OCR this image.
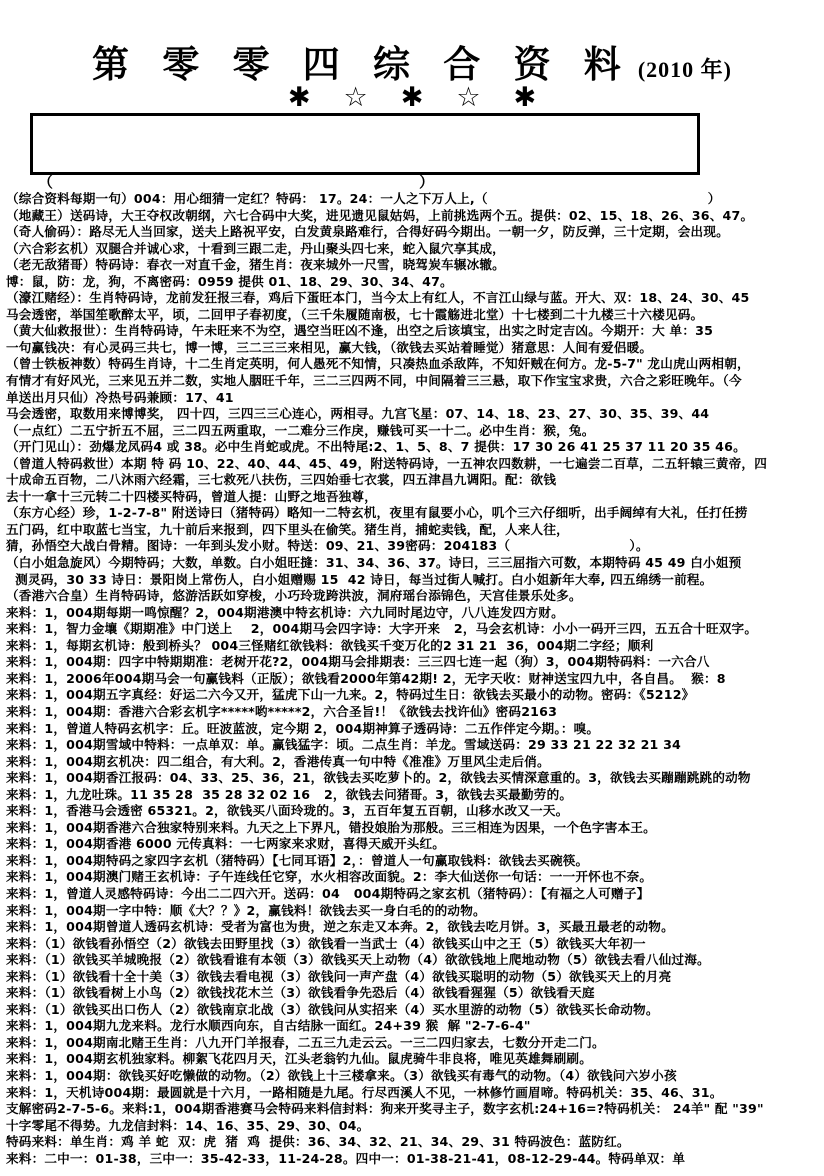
第 零 零 四 综 合 资 料 (2010 年)
✱☆✱☆✱
（	）

（综合资料每期一句）004：用心细猜一定红？特码： 17。24：一人之下万人上,（                                                ）

（地藏王）送码诗，大王夺权改朝纲，六七合码中大奖，进见遗见鼠姑妈，上前挑选两个五。提供：02、15、18、26、36、47。

（奇人偷码）：路尽无人当回家，送夫上路祝平安，白发黄泉路难行，合得好码今期出。一朝一夕，防反弹，三十定期，会出现。

（六合彩玄机）双腿合并诚心求，十看到三跟二走，丹山聚头四七来，蛇入鼠穴享其成，

（老无敌猪哥）特码诗：春衣一对直千金，猪生肖：夜来城外一尺雪，晓驾炭车辗冰辙。

博：鼠，防：龙，狗，不离密码：0959 提供 01、18、29、30、34、47。

（濠江赌经）：生肖特码诗，龙前发狂报三春，鸡后下蛋旺本门，当今太上有红人，不言江山绿与蓝。开大、双：18、24、30、45

马会透密，举国笙歌醉太平，顷，二回甲子春初度，（三千朱履随南极，七十霞觞进北堂）十七楼到二十九楼三十六楼见码。

（黄大仙救报世）：生肖特码诗，午未旺来不为空，遇空当旺凶不逢，出空之后该填宝，出实之时定吉凶。今期开：大 单：35

一句赢钱决：有心灵码三共七，博一博，三二三三来相见，赢大钱，（欲钱去买站着睡觉）猪意思：人间有爱侣暖。

（曾士铁板神数）特码生肖诗，十二生肖定英明，何人愚死不知情，只凑热血杀敌阵，不知奸贼在何方。龙-5-7" 龙山虎山两相朝，

有情才有好风光，三来见五并二数，实地人胭旺千年，三二三四两不同，中间隔着三三悬，取下作宝宝求贵，六合之彩旺晚年。（今

单送出月只仙）冷热号码兼顾：17、41

马会透密，取数用来博博奖， 四十四，三四三三心连心，两相寻。九宫飞星：07、14、18、23、27、30、35、39、44

（一点红）二五宁折五不屈，三二四五两重取，一二难分三作戾，赚钱可买一十二。必中生肖：猴，兔。

（开门见山）：劲爆龙凤码4 或 38。必中生肖蛇或虎。不出特尾:2、1、5、8、7 提供：17 30 26 41 25 37 11 20 35 46。

（曾道人特码救世）本期 特 码 10、22、40、44、45、49，附送特码诗，一五神农四数耕，一七遍尝二百草，二五轩辕三黄帝，四

十成命五百物，二八沐雨六经霜，三七救死八扶伤，三四始垂七衣裳，四五津昌九调阳。配：欲钱

去十一拿十三元转二十四楼买特码，曾道人提：山野之地吾独尊，

（东方心经）珍，1-2-7-8" 附送诗曰（猪特码）略知一二特玄机，夜里有鼠要小心，叽个三六仔细听，出手阔绰有大礼，任打任捞

五门码，红中取蓝七当宝，九十前后来报到，四下里头在偷笑。猪生肖，捕蛇卖钱，配，人来人往，

猜，孙悟空大战白骨精。图诗：一年到头发小财。特送：09、21、39密码：204183（                          ）。

（白小姐急旋风）今期特码；大数，单数。白小姐旺摓：31、34、36、37。诗曰，三三屈指六可数，本期特码 45 49 白小姐预

测灵码，30 33 诗日：景阳岗上常伤人，白小姐赠赐 15  42 诗日，每当过街人喊打。白小姐新年大奉, 四五绵绣一前程。

（香港六合皇）生肖特码诗，悠游活跃如穿梭，小巧玲珑跨洪波，洞府瑶台添锦色，天宫佳景乐处多。

来料：1，004期每期一鸣惊醒？2，004期港澳中特玄机诗：六九同时尾边守，八八连发四方财。

来料：1，智力金壤《期期准》中门送上    2，004期马会四字诗：大字开来   2，马会玄机诗：小小一码开三四，五五合十旺双字。

来料：1，每期玄机诗：般到桥头？ 004三怪赌红欲钱料：欲钱买千变万化的2 31 21  36，004期二字经；顺利

来料：1，004期：四字中特期期准：老树开花?2，004期马会排期表：三三四七连一起（狗）3，004期特码料：一六合八

来料：1，2006年004期马会一句赢钱料（正版）；欲钱看2000年第42期! 2，无字天收：财神送宝四九中，各自昌。  猴：8

来料：1，004期五字真经：好运二六今又开，猛虎下山一九来。2，特码过生日：欲钱去买最小的动物。密码：《5212》

来料：1，004期：香港六合彩玄机字*****哟*****2，六合圣旨!！《欲钱去找许仙》密码2163

来料：1，曾道人特码玄机字：丘。旺波蓝波，定今期 2，004期神算子透码诗：二五作伴定今期。：嗅。

来料：1，004期雪域中特料：一点单双：单。赢钱猛字：顷。二点生肖：羊龙。雪域送码：29 33 21 22 32 21 34

来料：1，004期玄机决：四二组合，有大利。2，香港传真一句中特《准准》万里风尘走后俏。

来料：1，004期香江报码：04、33、25、36，21，欲钱去买吃萝卜的。2，欲钱去买情深意重的。3，欲钱去买蹦蹦跳跳的动物

来料：1，九龙吐珠。11 35 28  35 28 32 02 16   2，欲钱去问猪哥。3，欲钱去买最勤劳的。

来料：1，香港马会透密 65321。2，欲钱买八面玲珑的。3，五百年复五百朝，山移水改又一天。

来料：1，004期香港六合独家特别来料。九天之上下界凡，错投娘胎为那般。三三相连为因果，一个色字害本王。

来料：1，004期香港 6000 元传真料：一七两家来求财，喜得天威开头红。

来料：1，004期特码之家四字玄机（猪特码）【七同耳语】2，：曾道人一句赢取钱料：欲钱去买碗筷。

来料：1，004期澳门赌王玄机诗：子午连线任它穿，水火相容改面貌。2：李大仙送你一句话：一一开怀也不奈。

来料：1，曾道人灵感特码诗：今出二二四六开。送码：04   004期特码之家玄机（猪特码）：【有福之人可赠子】

来料：1，004期一字中特：顺《大？？》2，赢钱料！欲钱去买一身白毛的的动物。

来料：1，004期曾道人透码玄机诗：受者为富也为贵，逆之东走又本奔。2，欲钱去吃月饼。3，买最丑最老的动物。

来料：（1）欲钱看孙悟空（2）欲钱去田野里找（3）欲钱看一当武士（4）欲钱买山中之王（5）欲钱买大年初一

来料：（1）欲钱买羊城晚报（2）欲钱看谁有本领（3）欲钱买天上动物（4）欲欲钱地上爬地动物（5）欲钱去看八仙过海。

来料：（1）欲钱看十全十美（3）欲钱去看电视（3）欲钱问一声产盘（4）欲钱买聪明的动物（5）欲钱买天上的月亮

来料：（1）欲钱看树上小鸟（2）欲钱找花木兰（3）欲钱看争先恐后（4）欲钱看猩猩（5）欲钱看天庭

来料：（1）欲钱买出口伤人（2）欲钱南京北战（3）欲钱问从实招来（4）买水里游的动物（5）欲钱买长命动物。

来料：1，004期九龙来料。龙行水顺西向东，自古结脉一面红。24+39 猴  解 "2-7-6-4"

来料：1，004期南北赌王生肖：八九开门羊报春，二五三九走云云。一三二四归家去，七数分开走二门。

来料：1，004期玄机独家料。柳絮飞花四月天，江头老翁钓九仙。鼠虎骑牛非良将，唯见英雄舞刷刷。

来料：1，004期：欲钱买好吃懒做的动物。（2）欲钱上十三楼拿来。（3）欲钱买有毒气的动物。（4）欲钱问六岁小孩

来料：1，天机诗004期：最圆就是十六月，一路相随是九尾。行尽西溪人不见，一林修竹画眉啼。特码机关：35、46、31。

支解密码2-7-5-6。来料:1，004期香港赛马会特码来料信封料：狗来开奖寻主子，数字玄机:24+16=?特码机关： 24羊" 配 "39"

十字零尾不得势。九龙信封料：14、16、35、29、30、04。

特码来料：单生肖：鸡 羊 蛇  双：虎  猪  鸡  提供：36、34、32、21、34、29、31 特码波色：蓝防红。

来料：二中一：01-38，三中一：35-42-33，11-24-28。四中一：01-38-21-41，08-12-29-44。特码单双：单
